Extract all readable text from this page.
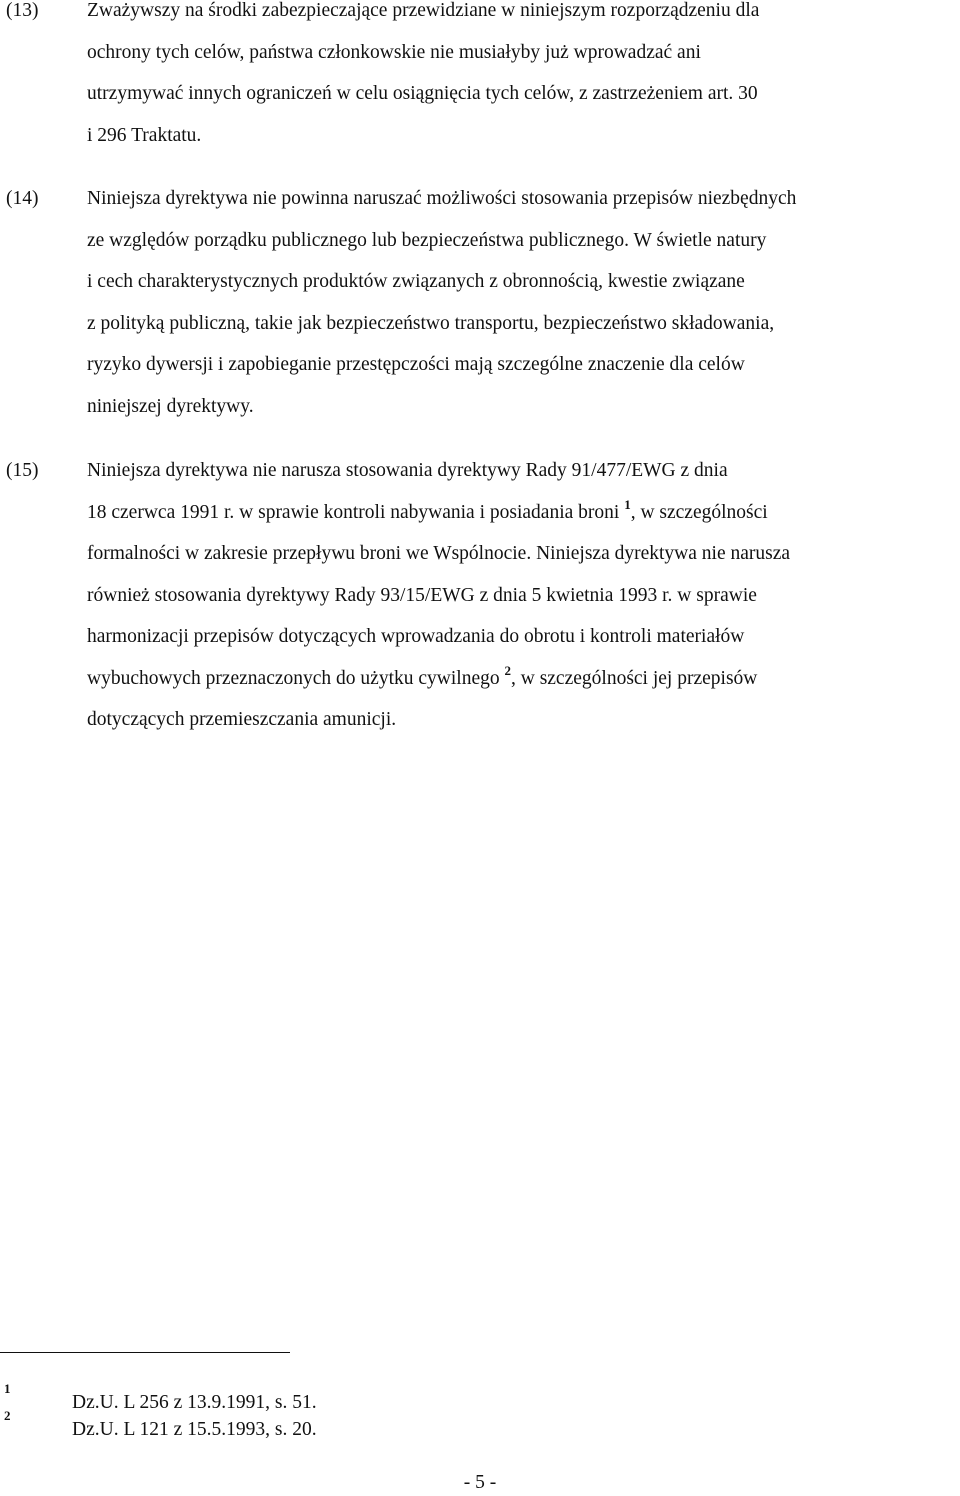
(13) Zważywszy na środki zabezpieczające przewidziane w niniejszym rozporządzeniu dla
ochrony tych celów, państwa członkowskie nie musiałyby już wprowadzać ani
utrzymywać innych ograniczeń w celu osiągnięcia tych celów, z zastrzeżeniem art. 30
i 296 Traktatu.
(14) Niniejsza dyrektywa nie powinna naruszać możliwości stosowania przepisów niezbędnych
ze względów porządku publicznego lub bezpieczeństwa publicznego. W świetle natury
i cech charakterystycznych produktów związanych z obronnością, kwestie związane
z polityką publiczną, takie jak bezpieczeństwo transportu, bezpieczeństwo składowania,
ryzyko dywersji i zapobieganie przestępczości mają szczególne znaczenie dla celów
niniejszej dyrektywy.
(15) Niniejsza dyrektywa nie narusza stosowania dyrektywy Rady 91/477/EWG z dnia
18 czerwca 1991 r. w sprawie kontroli nabywania i posiadania broni $^1$, w szczególności
formalności w zakresie przepływu broni we Wspólnocie. Niniejsza dyrektywa nie narusza
również stosowania dyrektywy Rady 93/15/EWG z dnia 5 kwietnia 1993 r. w sprawie
harmonizacji przepisów dotyczących wprowadzania do obrotu i kontroli materiałów
wybuchowych przeznaczonych do użytku cywilnego $^2$, w szczególności jej przepisów
dotyczących przemieszczania amunicji.
1
Dz.U. L 256 z 13.9.1991, s. 51.
2
Dz.U. L 121 z 15.5.1993, s. 20.
- 5 -
